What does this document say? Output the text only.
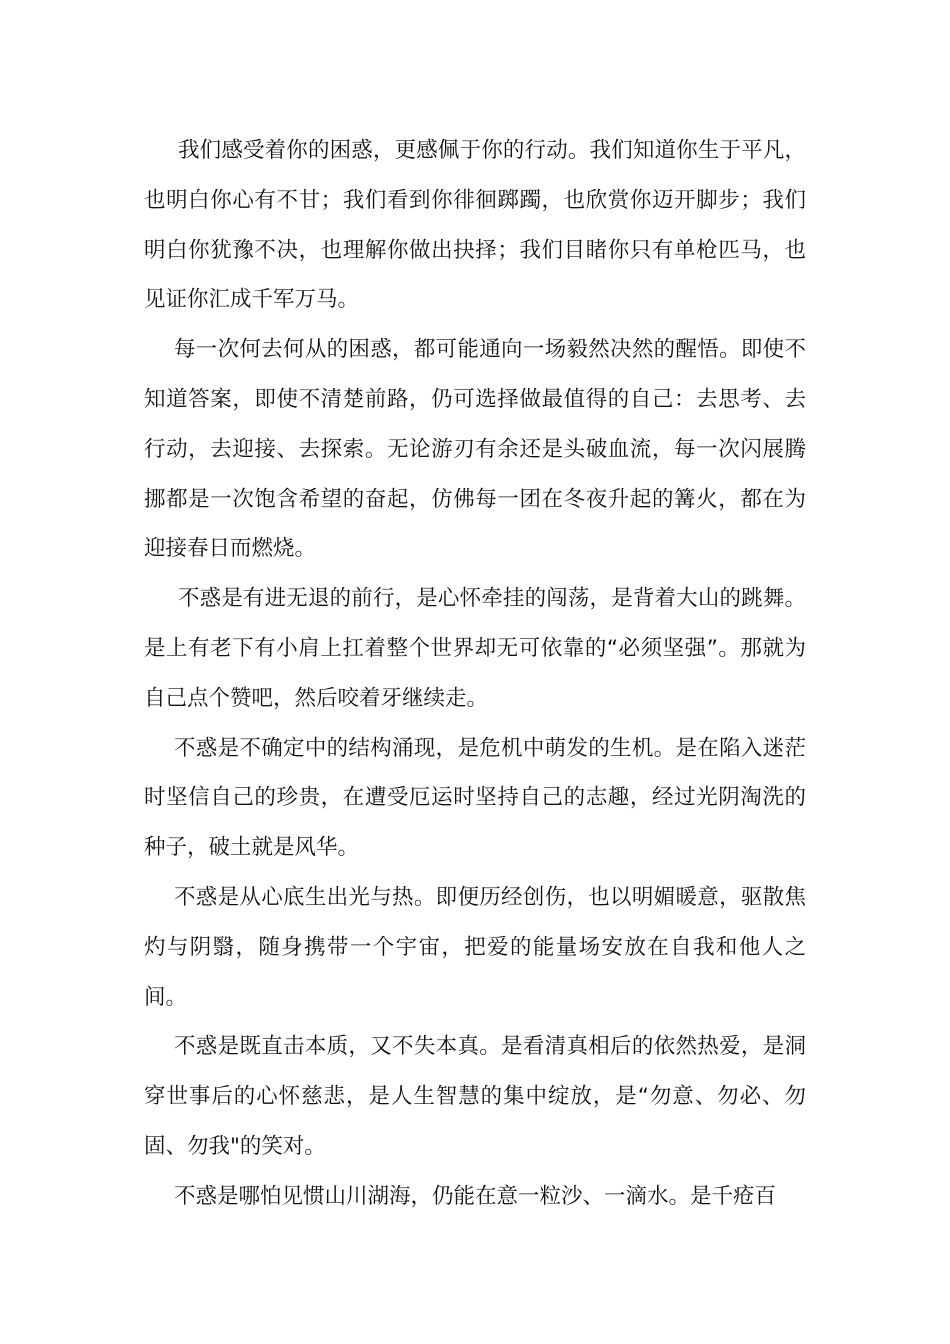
我们感受着你的困惑，更感佩于你的行动。我们知道你生于平凡，也明白你心有不甘；我们看到你徘徊踯躅，也欣赏你迈开脚步；我们明白你犹豫不决，也理解你做出抉择；我们目睹你只有单枪匹马，也见证你汇成千军万马。

每一次何去何从的困惑，都可能通向一场毅然决然的醒悟。即使不知道答案，即使不清楚前路，仍可选择做最值得的自己：去思考、去行动，去迎接、去探索。无论游刃有余还是头破血流，每一次闪展腾挪都是一次饱含希望的奋起，仿佛每一团在冬夜升起的篝火，都在为迎接春日而燃烧。

不惑是有进无退的前行，是心怀牵挂的闯荡，是背着大山的跳舞。是上有老下有小肩上扛着整个世界却无可依靠的“必须坚强”。那就为自己点个赞吧，然后咬着牙继续走。

不惑是不确定中的结构涌现，是危机中萌发的生机。是在陷入迷茫时坚信自己的珍贵，在遭受厄运时坚持自己的志趣，经过光阴淘洗的种子，破土就是风华。

不惑是从心底生出光与热。即便历经创伤，也以明媚暖意，驱散焦灼与阴翳，随身携带一个宇宙，把爱的能量场安放在自我和他人之间。

不惑是既直击本质，又不失本真。是看清真相后的依然热爱，是洞穿世事后的心怀慈悲，是人生智慧的集中绽放，是“勿意、勿必、勿固、勿我"的笑对。

不惑是哪怕见惯山川湖海，仍能在意一粒沙、一滴水。是千疮百
